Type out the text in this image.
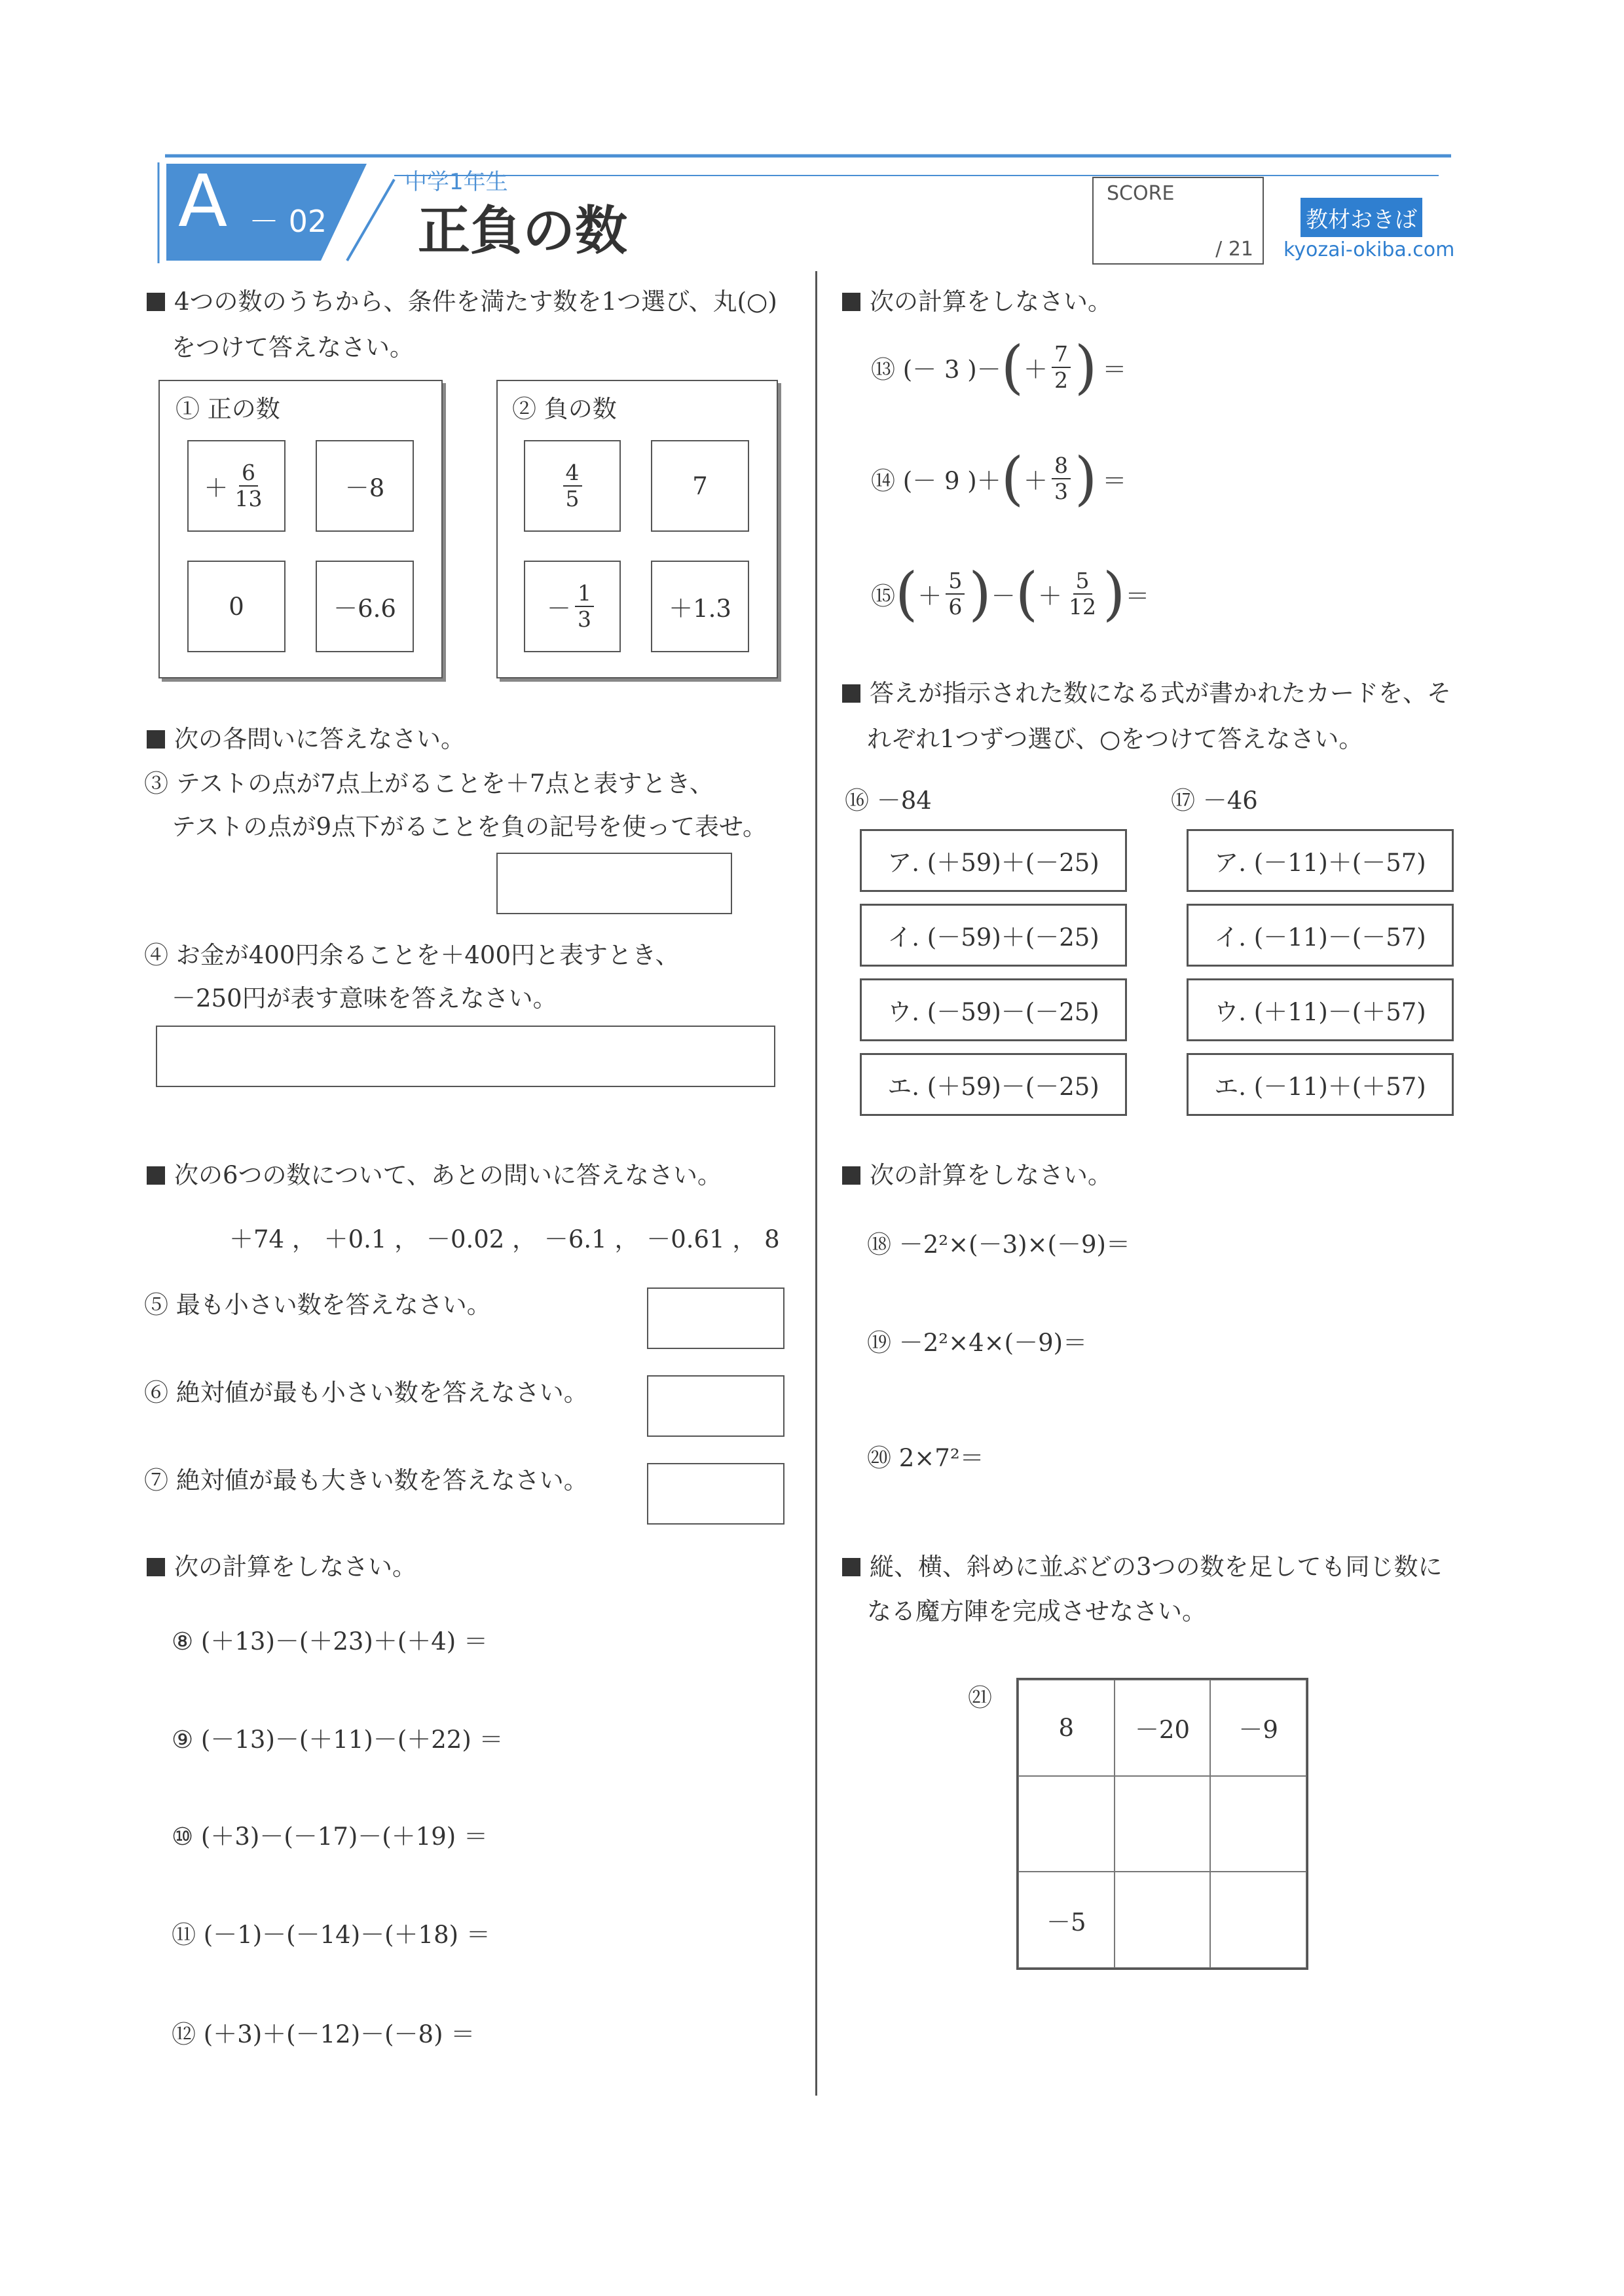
A － 02
中学1年生
正負の数
SCORE
/ 21
教材おきば
kyozai-okiba.com
4つの数のうちから、条件を満たす数を1つ選び、丸(○)
をつけて答えなさい。
① 正の数
＋ $\frac{6}{13}$	－8
0	－6.6
② 負の数
$\frac{4}{5}$	7
－ $\frac{1}{3}$	＋1.3
次の各問いに答えなさい。
③ テストの点が7点上がることを＋7点と表すとき、
テストの点が9点下がることを負の記号を使って表せ。
④ お金が400円余ることを＋400円と表すとき、
－250円が表す意味を答えなさい。
次の6つの数について、あとの問いに答えなさい。
＋74 ， ＋0.1 ， －0.02 ， －6.1 ， －0.61 ， 8
⑤ 最も小さい数を答えなさい。
⑥ 絶対値が最も小さい数を答えなさい。
⑦ 絶対値が最も大きい数を答えなさい。
次の計算をしなさい。
⑧ (＋13)－(＋23)＋(＋4) ＝
⑨ (－13)－(＋11)－(＋22) ＝
⑩ (＋3)－(－17)－(＋19) ＝
⑪ (－1)－(－14)－(＋18) ＝
⑫ (＋3)＋(－12)－(－8) ＝
次の計算をしなさい。
⑬ (－ 3 )－ ( ＋ $\frac{7}{2}$ ) ＝
⑭ (－ 9 )＋ ( ＋ $\frac{8}{3}$ ) ＝
⑮ ( ＋ $\frac{5}{6}$ ) － ( ＋ $\frac{5}{12}$ ) ＝
答えが指示された数になる式が書かれたカードを、そ
れぞれ1つずつ選び、○をつけて答えなさい。
⑯ －84	⑰ －46
ア. (＋59)＋(－25)
イ. (－59)＋(－25)
ウ. (－59)－(－25)
エ. (＋59)－(－25)
ア. (－11)＋(－57)
イ. (－11)－(－57)
ウ. (＋11)－(＋57)
エ. (－11)＋(＋57)
次の計算をしなさい。
⑱ －2²×(－3)×(－9)＝
⑲ －2²×4×(－9)＝
⑳ 2×7²＝
縦、横、斜めに並ぶどの3つの数を足しても同じ数に
なる魔方陣を完成させなさい。
㉑
8	－20	－9
－5
